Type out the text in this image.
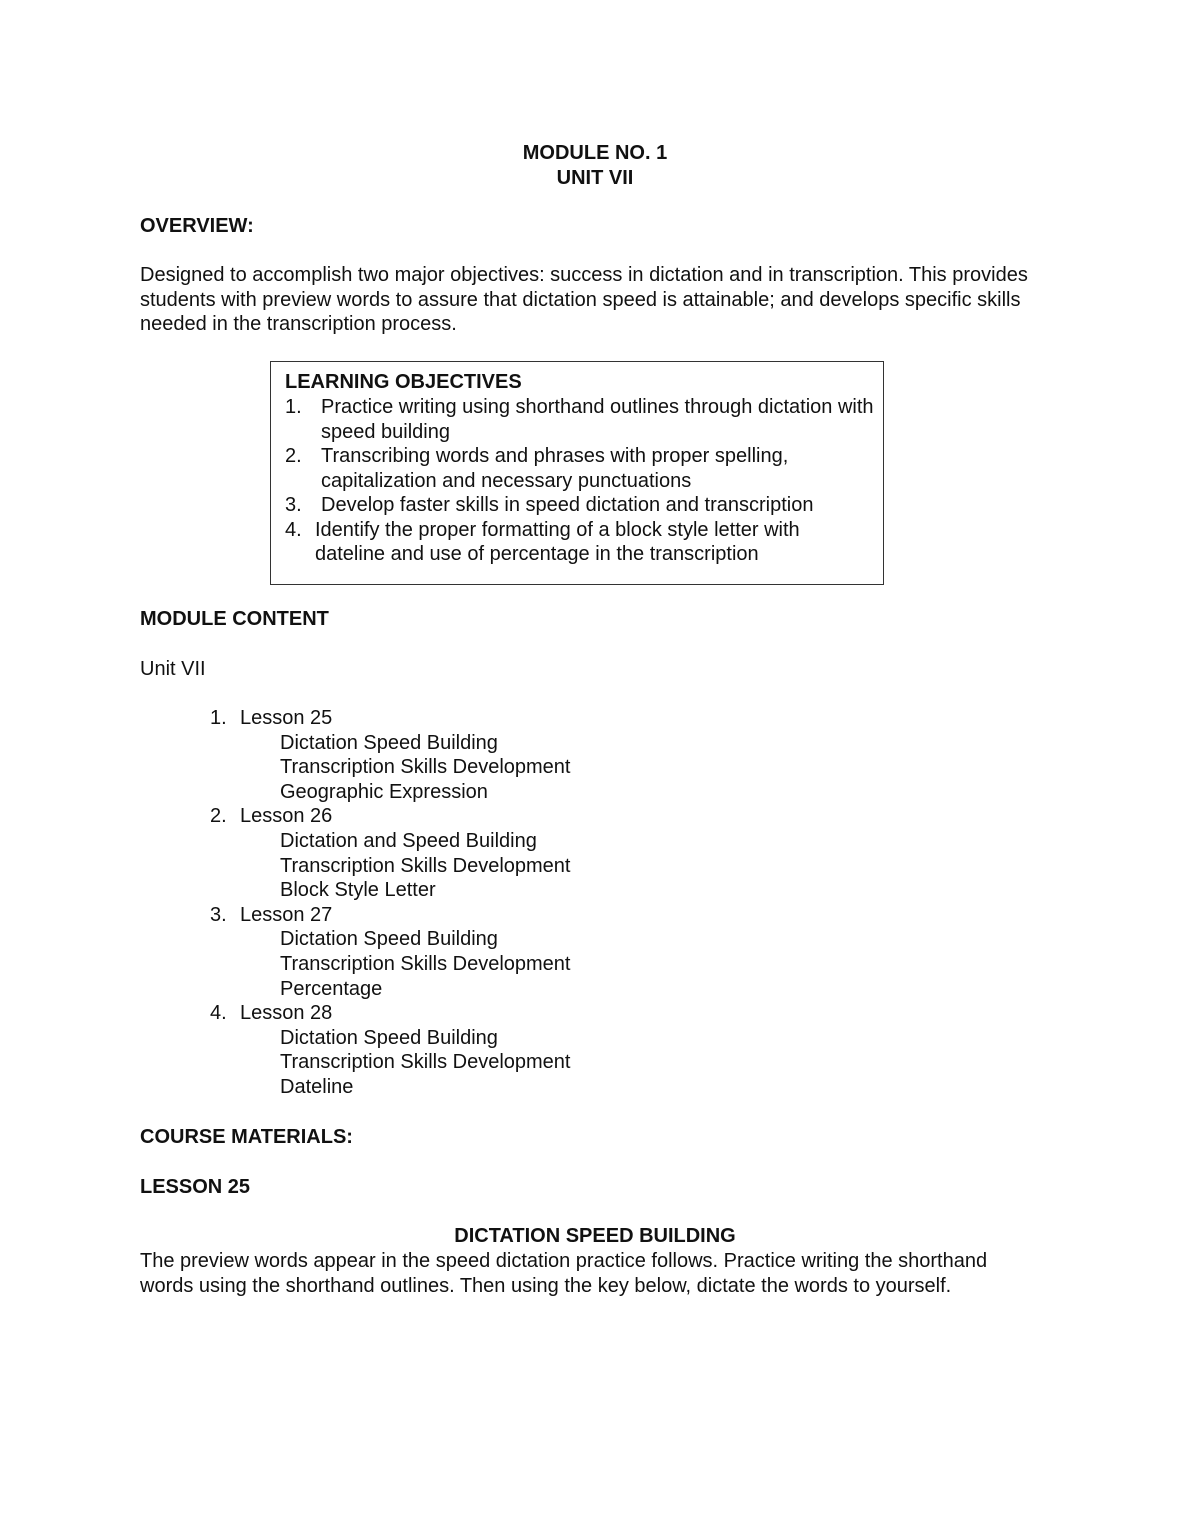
MODULE NO. 1
UNIT VII
OVERVIEW:

Designed to accomplish two major objectives: success in dictation and in transcription. This provides students with preview words to assure that dictation speed is attainable; and develops specific skills needed in the transcription process.

LEARNING OBJECTIVES
1. Practice writing using shorthand outlines through dictation with speed building
2. Transcribing words and phrases with proper spelling, capitalization and necessary punctuations
3. Develop faster skills in speed dictation and transcription
4. Identify the proper formatting of a block style letter with dateline and use of percentage in the transcription
MODULE CONTENT

Unit VII

1. Lesson 25
Dictation Speed Building
Transcription Skills Development
Geographic Expression
2. Lesson 26
Dictation and Speed Building
Transcription Skills Development
Block Style Letter
3. Lesson 27
Dictation Speed Building
Transcription Skills Development
Percentage
4. Lesson 28
Dictation Speed Building
Transcription Skills Development
Dateline
COURSE MATERIALS:
LESSON 25
DICTATION SPEED BUILDING

The preview words appear in the speed dictation practice follows. Practice writing the shorthand words using the shorthand outlines. Then using the key below, dictate the words to yourself.
